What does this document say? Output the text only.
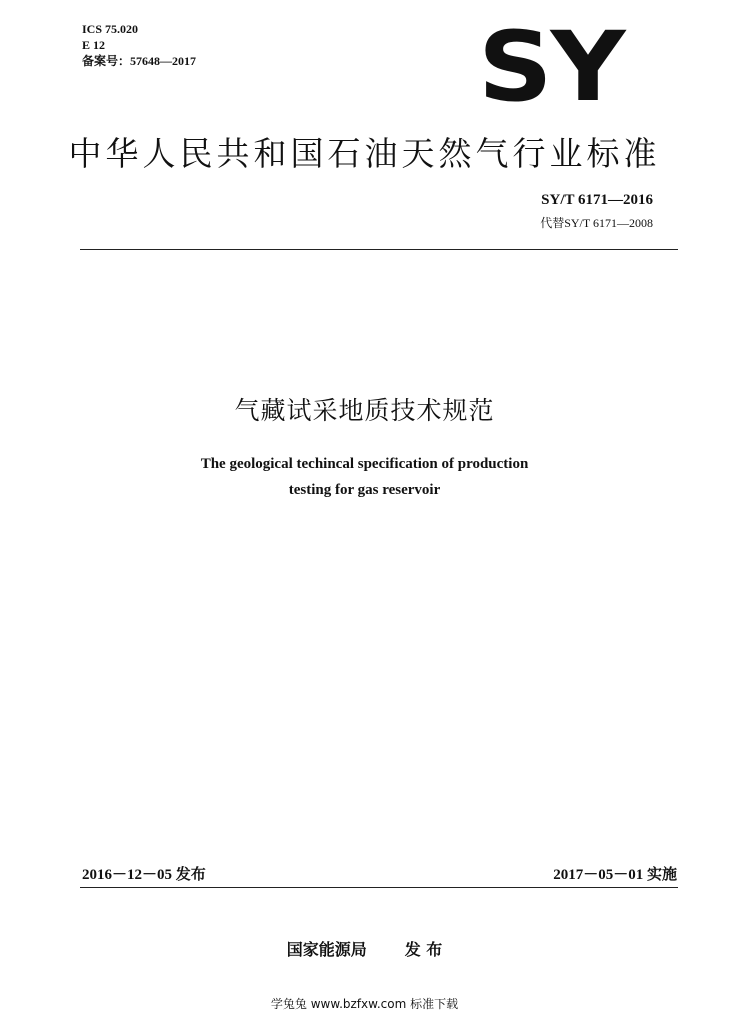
ICS 75.020
E 12
备案号：57648—2017	SY
中华人民共和国石油天然气行业标准
SY/T 6171—2016
代替SY/T 6171—2008
气藏试采地质技术规范
The geological techincal specification of production
testing for gas reservoir
2016－12－05 发布	2017－05－01 实施
国家能源局 发 布
学兔兔 www.bzfxw.com 标准下载
